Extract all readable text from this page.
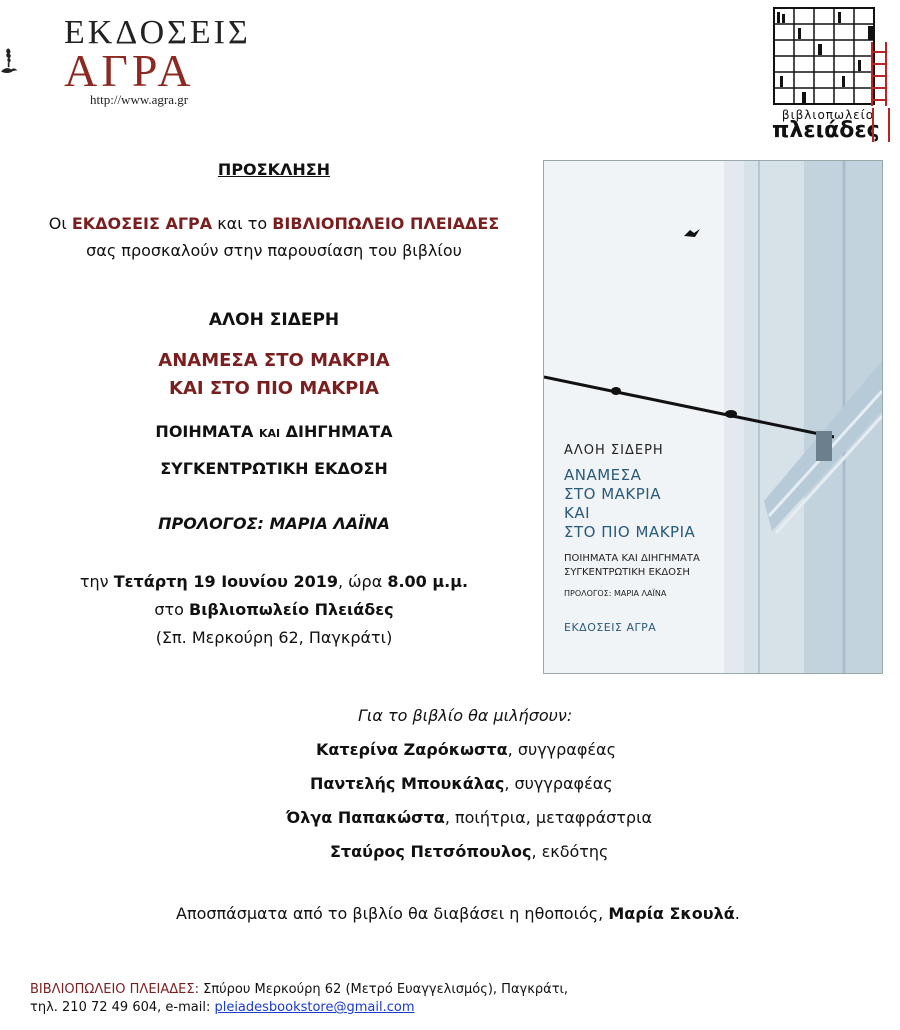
ΕΚΔΟΣΕΙΣ
ΑΓΡΑ
http://www.agra.gr
βιβλιοπωλείο
πλειάδες
ΠΡΟΣΚΛΗΣΗ
Οι ΕΚΔΟΣΕΙΣ ΑΓΡΑ και το ΒΙΒΛΙΟΠΩΛΕΙΟ ΠΛΕΙΑΔΕΣ
σας προσκαλούν στην παρουσίαση του βιβλίου
ΑΛΟΗ ΣΙΔΕΡΗ
ΑΝΑΜΕΣΑ ΣΤΟ ΜΑΚΡΙΑ
ΚΑΙ ΣΤΟ ΠΙΟ ΜΑΚΡΙΑ
ΠΟΙΗΜΑΤΑ και ΔΙΗΓΗΜΑΤΑ
ΣΥΓΚΕΝΤΡΩΤΙΚΗ ΕΚΔΟΣΗ
ΠΡΟΛΟΓΟΣ: ΜΑΡΙΑ ΛΑΪΝΑ
την Τετάρτη 19 Ιουνίου 2019, ώρα 8.00 μ.μ.
στο Βιβλιοπωλείο Πλειάδες
(Σπ. Μερκούρη 62, Παγκράτι)
ΑΛΟΗ ΣΙΔΕΡΗ
ΑΝΑΜΕΣΑ
ΣΤΟ ΜΑΚΡΙΑ
ΚΑΙ
ΣΤΟ ΠΙΟ ΜΑΚΡΙΑ
ΠΟΙΗΜΑΤΑ ΚΑΙ ΔΙΗΓΗΜΑΤΑ
ΣΥΓΚΕΝΤΡΩΤΙΚΗ ΕΚΔΟΣΗ
ΠΡΟΛΟΓΟΣ: ΜΑΡΙΑ ΛΑΪΝΑ
ΕΚΔΟΣΕΙΣ ΑΓΡΑ
Για το βιβλίο θα μιλήσουν:
Κατερίνα Ζαρόκωστα, συγγραφέας
Παντελής Μπουκάλας, συγγραφέας
Όλγα Παπακώστα, ποιήτρια, μεταφράστρια
Σταύρος Πετσόπουλος, εκδότης
Αποσπάσματα από το βιβλίο θα διαβάσει η ηθοποιός, Μαρία Σκουλά.
ΒΙΒΛΙΟΠΩΛΕΙΟ ΠΛΕΙΑΔΕΣ: Σπύρου Μερκούρη 62 (Μετρό Ευαγγελισμός), Παγκράτι,
τηλ. 210 72 49 604, e-mail: pleiadesbookstore@gmail.com
